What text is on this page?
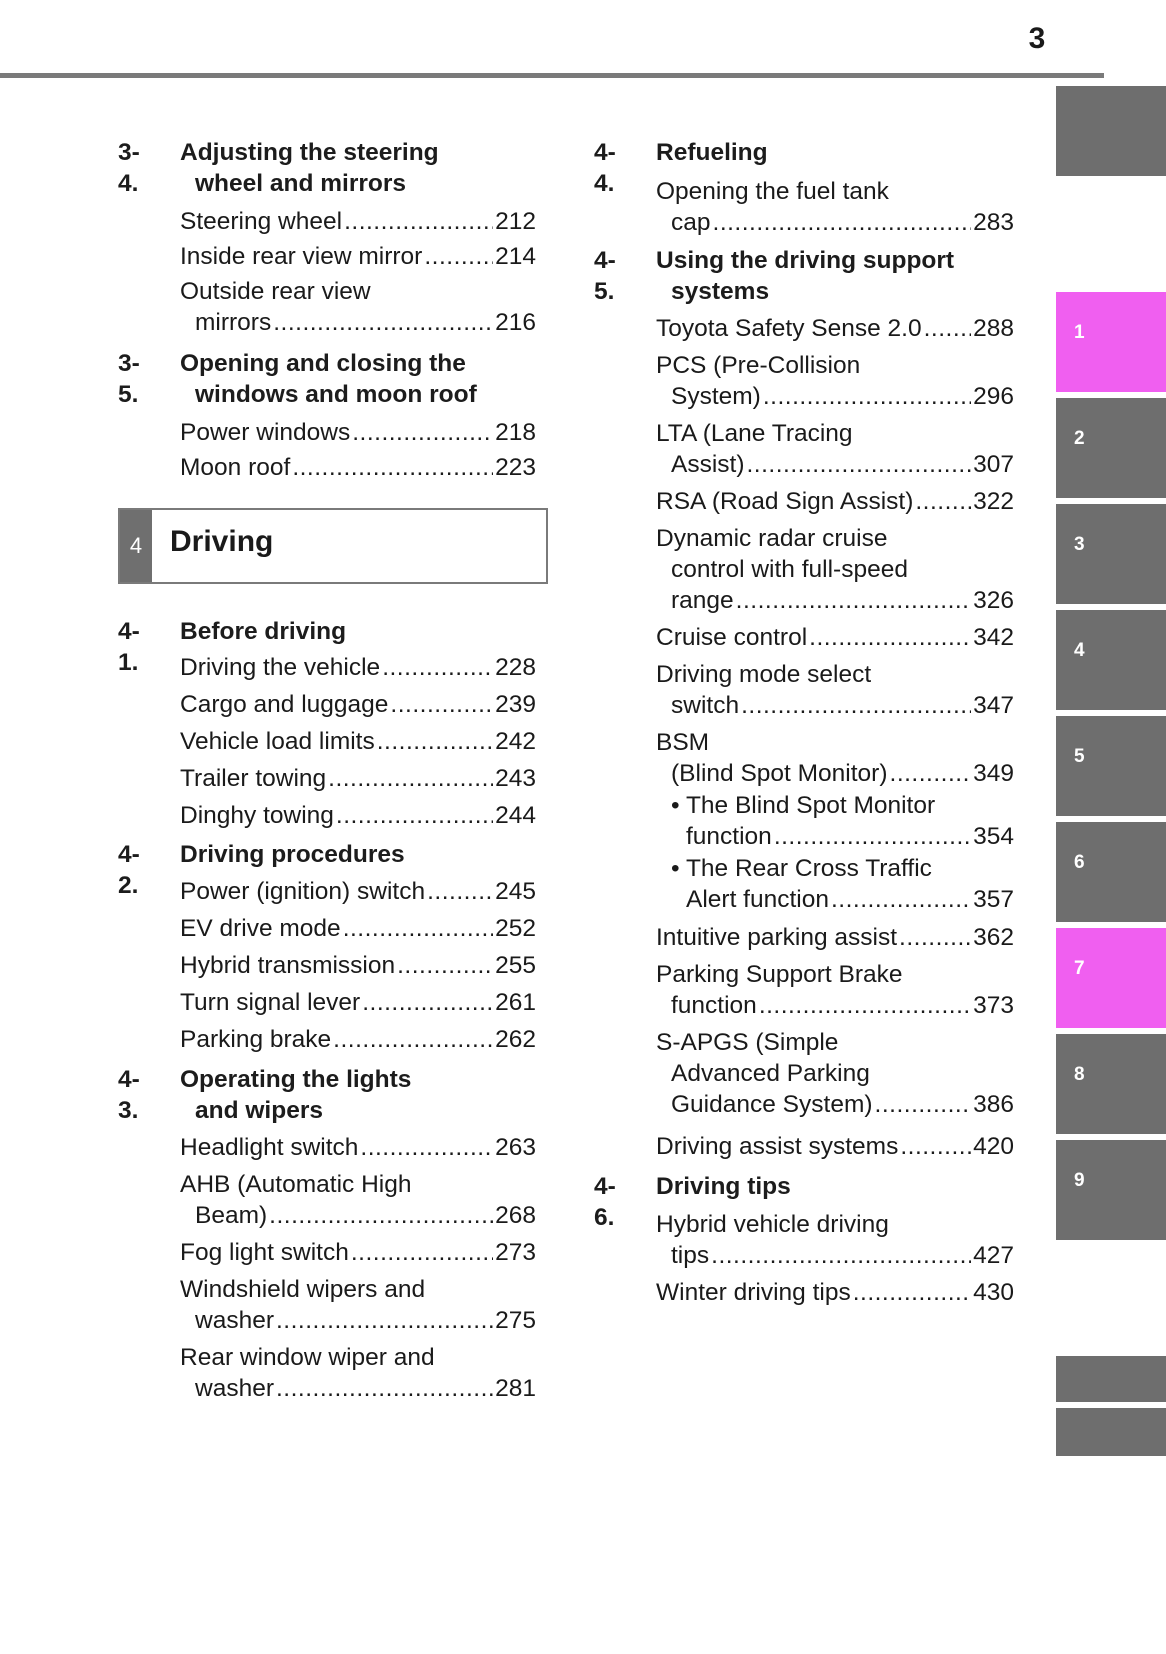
3
3-4.
Adjusting the steering
wheel and mirrors
Steering wheel .....	212
Inside rear view mirror .....	214
Outside rear view
mirrors .....	216
3-5.
Opening and closing the
windows and moon roof
Power windows .....	218
Moon roof .....	223
4 Driving
4-1.
Before driving
Driving the vehicle .....	228
Cargo and luggage .....	239
Vehicle load limits .....	242
Trailer towing .....	243
Dinghy towing .....	244
4-2.
Driving procedures
Power (ignition) switch .....	245
EV drive mode .....	252
Hybrid transmission .....	255
Turn signal lever .....	261
Parking brake .....	262
4-3.
Operating the lights
and wipers
Headlight switch .....	263
AHB (Automatic High
Beam) .....	268
Fog light switch .....	273
Windshield wipers and
washer .....	275
Rear window wiper and
washer .....	281
4-4.
Refueling
Opening the fuel tank
cap .....	283
4-5.
Using the driving support
systems
Toyota Safety Sense 2.0 ..... 288
PCS (Pre-Collision
System) .....	296
LTA (Lane Tracing
Assist) .....	307
RSA (Road Sign Assist) ..... 322
Dynamic radar cruise
control with full-speed
range .....	326
Cruise control .....	342
Driving mode select
switch .....	347
BSM
(Blind Spot Monitor) .....	349
• The Blind Spot Monitor
function .....	354
• The Rear Cross Traffic
Alert function .....	357
Intuitive parking assist .....	362
Parking Support Brake
function .....	373
S-APGS (Simple
Advanced Parking
Guidance System) .....	386
Driving assist systems .....	420
4-6.
Driving tips
Hybrid vehicle driving
tips .....	427
Winter driving tips .....	430
1
2
3
4
5
6
7
8
9
